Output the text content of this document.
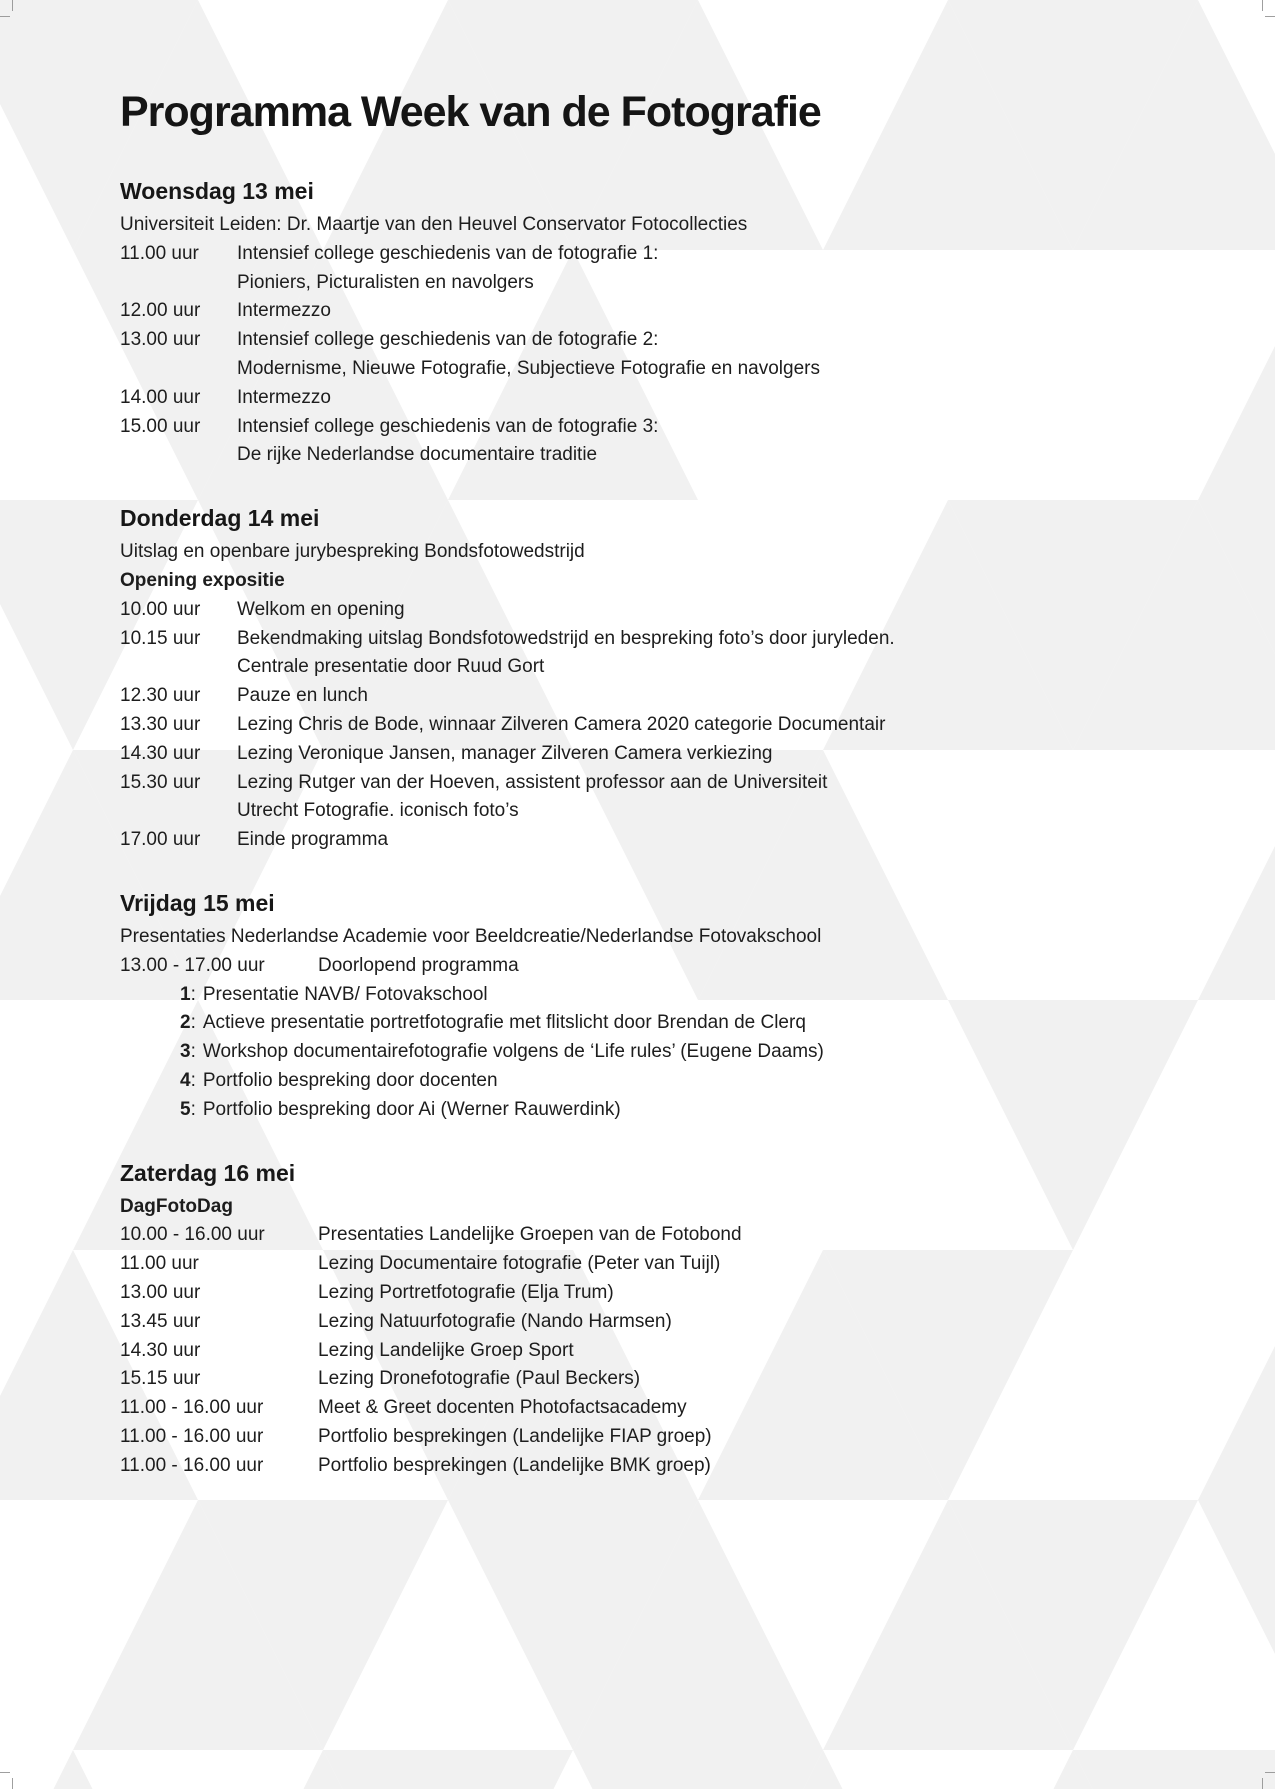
Programma Week van de Fotografie
Woensdag 13 mei
Universiteit Leiden: Dr. Maartje van den Heuvel Conservator Fotocollecties
11.00 uur	Intensief college geschiedenis van de fotografie 1:
Pioniers, Picturalisten en navolgers
12.00 uur	Intermezzo
13.00 uur	Intensief college geschiedenis van de fotografie 2:
Modernisme, Nieuwe Fotografie, Subjectieve Fotografie en navolgers
14.00 uur	Intermezzo
15.00 uur	Intensief college geschiedenis van de fotografie 3:
De rijke Nederlandse documentaire traditie
Donderdag 14 mei
Uitslag en openbare jurybespreking Bondsfotowedstrijd
Opening expositie
10.00 uur	Welkom en opening
10.15 uur	Bekendmaking uitslag Bondsfotowedstrijd en bespreking foto’s door juryleden.
Centrale presentatie door Ruud Gort
12.30 uur	Pauze en lunch
13.30 uur	Lezing Chris de Bode, winnaar Zilveren Camera 2020 categorie Documentair
14.30 uur	Lezing Veronique Jansen, manager Zilveren Camera verkiezing
15.30 uur	Lezing Rutger van der Hoeven, assistent professor aan de Universiteit
Utrecht Fotografie. iconisch foto’s
17.00 uur	Einde programma
Vrijdag 15 mei
Presentaties Nederlandse Academie voor Beeldcreatie/Nederlandse Fotovakschool
13.00 - 17.00 uur	Doorlopend programma
1: Presentatie NAVB/ Fotovakschool
2: Actieve presentatie portretfotografie met flitslicht door Brendan de Clerq
3: Workshop documentairefotografie volgens de ‘Life rules’ (Eugene Daams)
4: Portfolio bespreking door docenten
5: Portfolio bespreking door Ai (Werner Rauwerdink)
Zaterdag 16 mei
DagFotoDag
10.00 - 16.00 uur	Presentaties Landelijke Groepen van de Fotobond
11.00 uur	Lezing Documentaire fotografie (Peter van Tuijl)
13.00 uur	Lezing Portretfotografie (Elja Trum)
13.45 uur	Lezing Natuurfotografie (Nando Harmsen)
14.30 uur	Lezing Landelijke Groep Sport
15.15 uur	Lezing Dronefotografie (Paul Beckers)
11.00 - 16.00 uur	Meet & Greet docenten Photofactsacademy
11.00 - 16.00 uur	Portfolio besprekingen (Landelijke FIAP groep)
11.00 - 16.00 uur	Portfolio besprekingen (Landelijke BMK groep)
